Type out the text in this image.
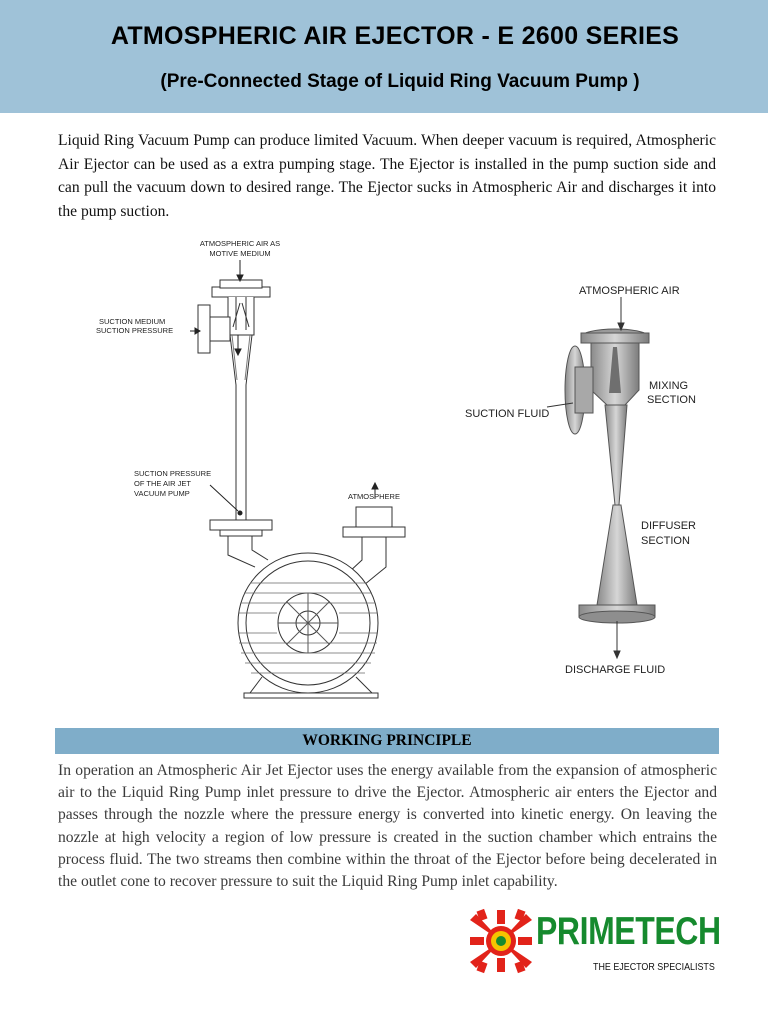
ATMOSPHERIC AIR EJECTOR - E 2600 SERIES
(Pre-Connected Stage of Liquid Ring Vacuum Pump )

Liquid Ring Vacuum Pump can produce limited Vacuum. When deeper vacuum is required, Atmospheric Air Ejector can be used as a extra pumping stage. The Ejector is installed in the pump suction side and can pull the vacuum down to desired range. The Ejector sucks in Atmospheric Air and discharges it into the pump suction.

ATMOSPHERIC AIR AS
MOTIVE MEDIUM
SUCTION MEDIUM
SUCTION PRESSURE
SUCTION PRESSURE
OF THE AIR JET
VACUUM PUMP	ATMOSPHERE
ATMOSPHERIC AIR
MIXING
SECTION
SUCTION FLUID
DIFFUSER
SECTION
DISCHARGE FLUID
WORKING PRINCIPLE

In operation an Atmospheric Air Jet Ejector uses the energy available from the expansion of atmospheric air to the Liquid Ring Pump inlet pressure to drive the Ejector. Atmospheric air enters the Ejector and passes through the nozzle where the pressure energy is converted into kinetic energy. On leaving the nozzle at high velocity a region of low pressure is created in the suction chamber which entrains the process fluid. The two streams then combine within the throat of the Ejector before being decelerated in the outlet cone to recover pressure to suit the Liquid Ring Pump inlet capability.

PRIMETECH
THE EJECTOR SPECIALISTS
